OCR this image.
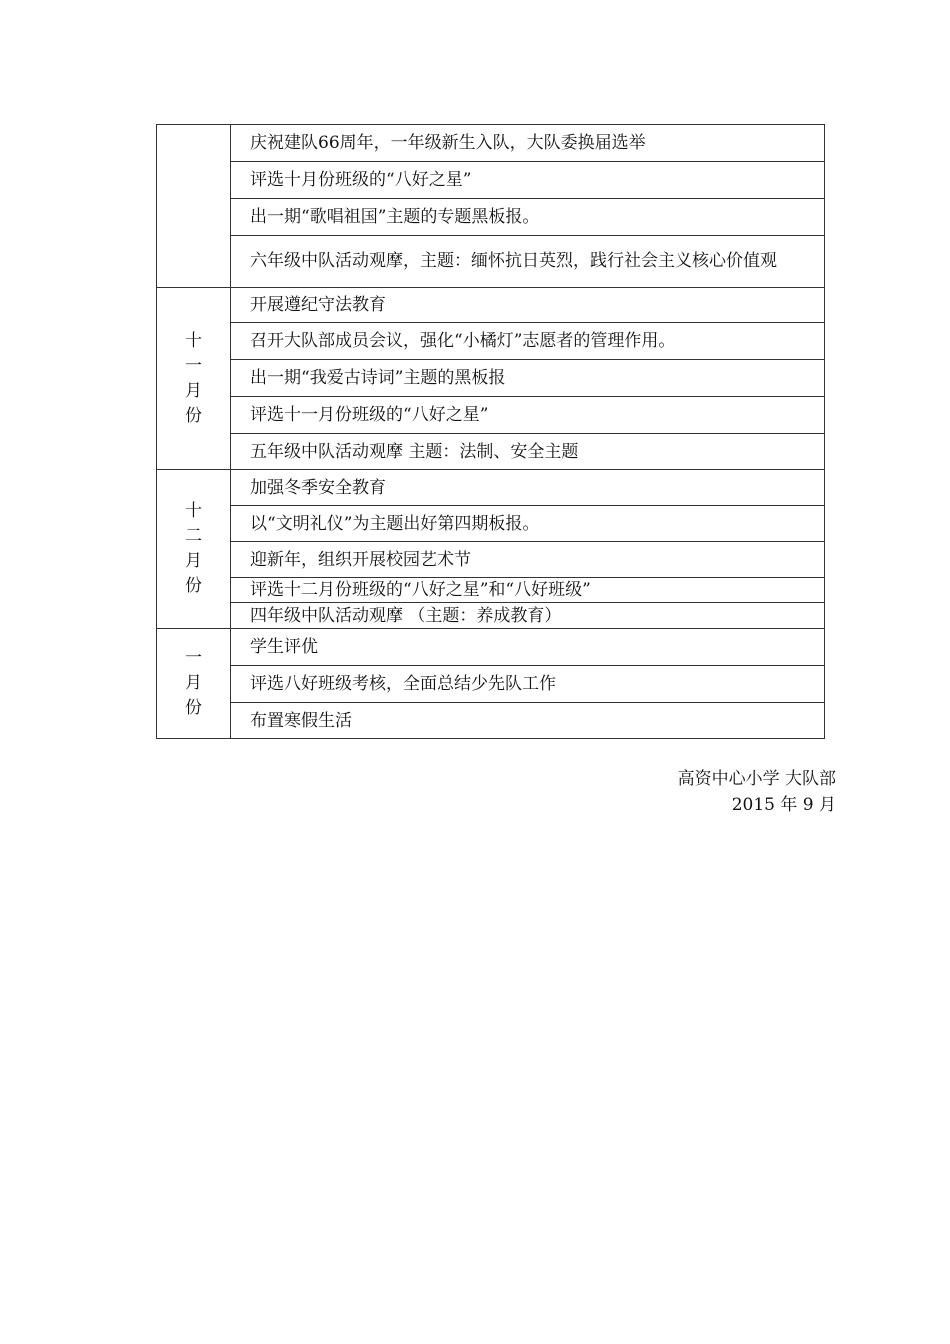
	庆祝建队66周年，一年级新生入队，大队委换届选举
	评选十月份班级的“八好之星”
	出一期“歌唱祖国”主题的专题黑板报。
	六年级中队活动观摩，主题：缅怀抗日英烈，践行社会主义核心价值观
十一月份	开展遵纪守法教育
	召开大队部成员会议，强化“小橘灯”志愿者的管理作用。
	出一期“我爱古诗词”主题的黑板报
	评选十一月份班级的“八好之星”
	五年级中队活动观摩 主题：法制、安全主题
十二月份	加强冬季安全教育
	以“文明礼仪”为主题出好第四期板报。
	迎新年，组织开展校园艺术节
	评选十二月份班级的“八好之星”和“八好班级”
	四年级中队活动观摩 （主题：养成教育）
一月份	学生评优
	评选八好班级考核，全面总结少先队工作
	布置寒假生活
高资中心小学 大队部
2015 年 9 月
